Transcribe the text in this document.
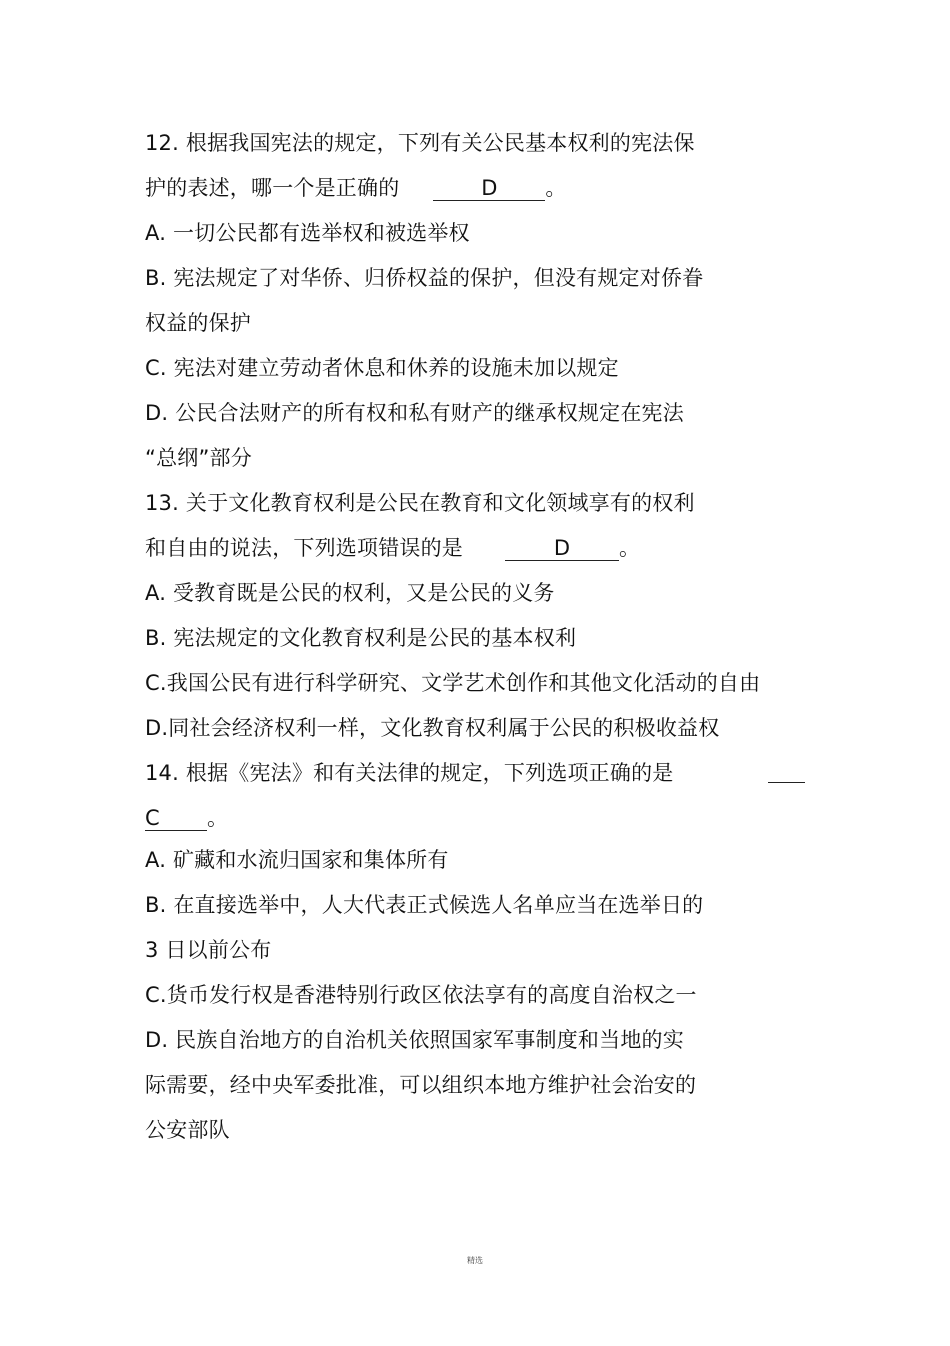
12. 根据我国宪法的规定，下列有关公民基本权利的宪法保
护的表述，哪一个是正确的	D 。
A. 一切公民都有选举权和被选举权
B. 宪法规定了对华侨、归侨权益的保护，但没有规定对侨眷
权益的保护
C. 宪法对建立劳动者休息和休养的设施未加以规定
D. 公民合法财产的所有权和私有财产的继承权规定在宪法
“总纲”部分
13. 关于文化教育权利是公民在教育和文化领域享有的权利
和自由的说法，下列选项错误的是	D 。
A. 受教育既是公民的权利，又是公民的义务
B. 宪法规定的文化教育权利是公民的基本权利
C.我国公民有进行科学研究、文学艺术创作和其他文化活动的自由
D.同社会经济权利一样，文化教育权利属于公民的积极收益权
14. 根据《宪法》和有关法律的规定，下列选项正确的是
C 。
A. 矿藏和水流归国家和集体所有
B. 在直接选举中，人大代表正式候选人名单应当在选举日的
3 日以前公布
C.货币发行权是香港特别行政区依法享有的高度自治权之一
D. 民族自治地方的自治机关依照国家军事制度和当地的实
际需要，经中央军委批准，可以组织本地方维护社会治安的
公安部队
精选
